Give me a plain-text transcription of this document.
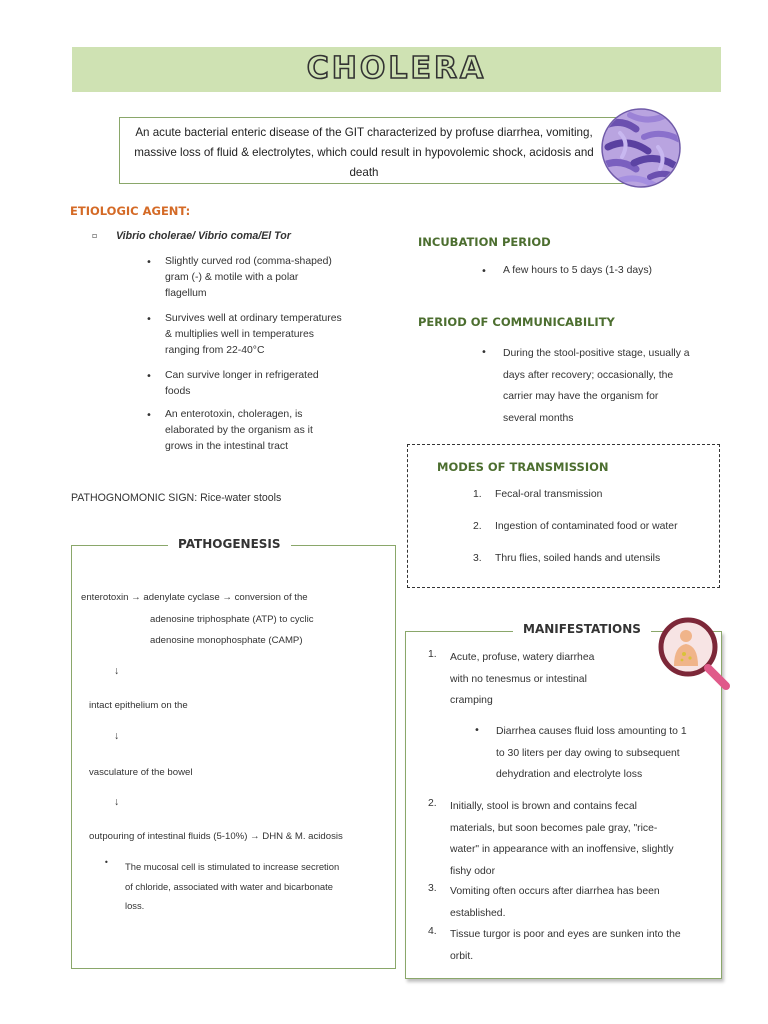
CHOLERA
An acute bacterial enteric disease of the GIT characterized by profuse diarrhea, vomiting, massive loss of fluid & electrolytes, which could result in hypovolemic shock, acidosis and death
ETIOLOGIC AGENT:
▫ Vibrio cholerae/ Vibrio coma/El Tor
• Slightly curved rod (comma-shaped)
gram (-) & motile with a polar
flagellum
• Survives well at ordinary temperatures
& multiplies well in temperatures
ranging from 22-40°C
• Can survive longer in refrigerated
foods
• An enterotoxin, choleragen, is
elaborated by the organism as it
grows in the intestinal tract
PATHOGNOMONIC SIGN: Rice-water stools
INCUBATION PERIOD
• A few hours to 5 days (1-3 days)
PERIOD OF COMMUNICABILITY
• During the stool-positive stage, usually a
days after recovery; occasionally, the
carrier may have the organism for
several months
MODES OF TRANSMISSION
1. Fecal-oral transmission
2. Ingestion of contaminated food or water
3. Thru flies, soiled hands and utensils
PATHOGENESIS
enterotoxin → adenylate cyclase → conversion of the
adenosine triphosphate (ATP) to cyclic
adenosine monophosphate (CAMP)
↓
intact epithelium on the
↓
vasculature of the bowel
↓
outpouring of intestinal fluids (5-10%) → DHN & M. acidosis
• The mucosal cell is stimulated to increase secretion
of chloride, associated with water and bicarbonate
loss.
MANIFESTATIONS
1. Acute, profuse, watery diarrhea
with no tenesmus or intestinal
cramping
• Diarrhea causes fluid loss amounting to 1
to 30 liters per day owing to subsequent
dehydration and electrolyte loss
2. Initially, stool is brown and contains fecal
materials, but soon becomes pale gray, "rice-
water" in appearance with an inoffensive, slightly
fishy odor
3. Vomiting often occurs after diarrhea has been
established.
4. Tissue turgor is poor and eyes are sunken into the
orbit.
